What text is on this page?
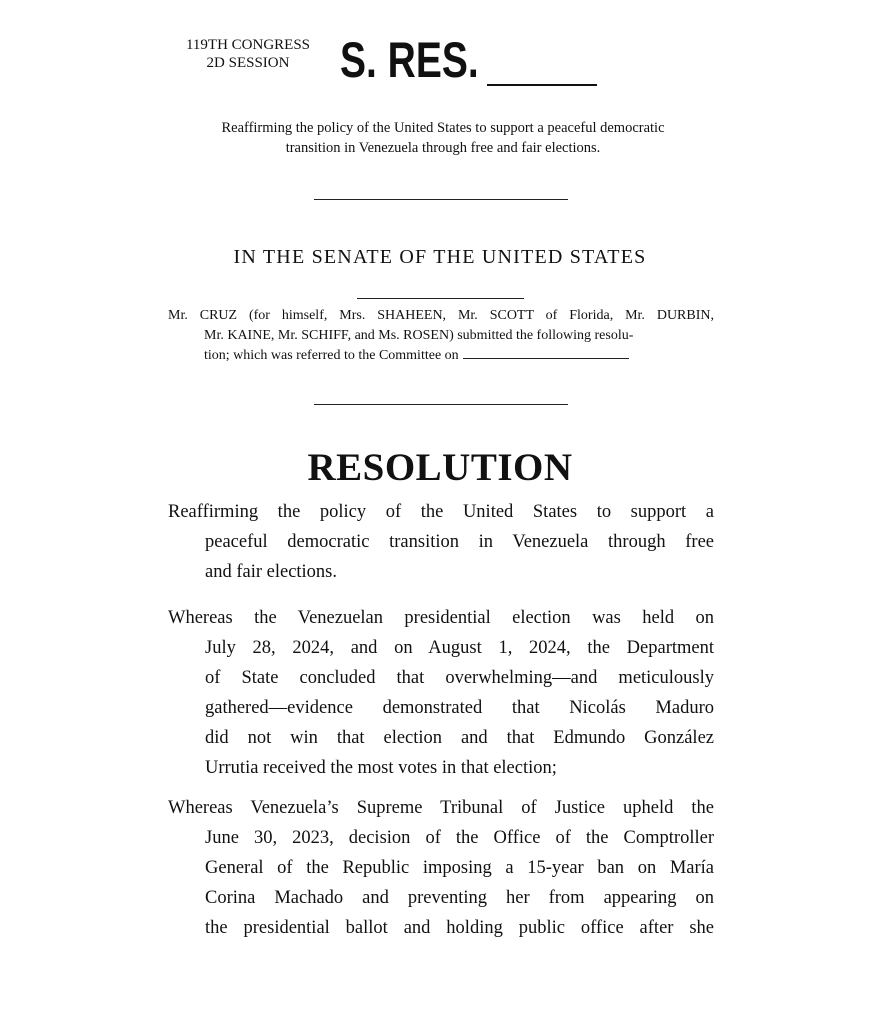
119TH CONGRESS
2D SESSION	S. RES.
Reaffirming the policy of the United States to support a peaceful democratic
transition in Venezuela through free and fair elections.
IN THE SENATE OF THE UNITED STATES
Mr. CRUZ (for himself, Mrs. SHAHEEN, Mr. SCOTT of Florida, Mr. DURBIN,
Mr. KAINE, Mr. SCHIFF, and Ms. ROSEN) submitted the following resolu-
tion; which was referred to the Committee on
RESOLUTION
Reaffirming the policy of the United States to support a
peaceful democratic transition in Venezuela through free
and fair elections.
Whereas the Venezuelan presidential election was held on
July 28, 2024, and on August 1, 2024, the Department
of State concluded that overwhelming—and meticulously
gathered—evidence demonstrated that Nicolás Maduro
did not win that election and that Edmundo González
Urrutia received the most votes in that election;
Whereas Venezuela’s Supreme Tribunal of Justice upheld the
June 30, 2023, decision of the Office of the Comptroller
General of the Republic imposing a 15-year ban on María
Corina Machado and preventing her from appearing on
the presidential ballot and holding public office after she
